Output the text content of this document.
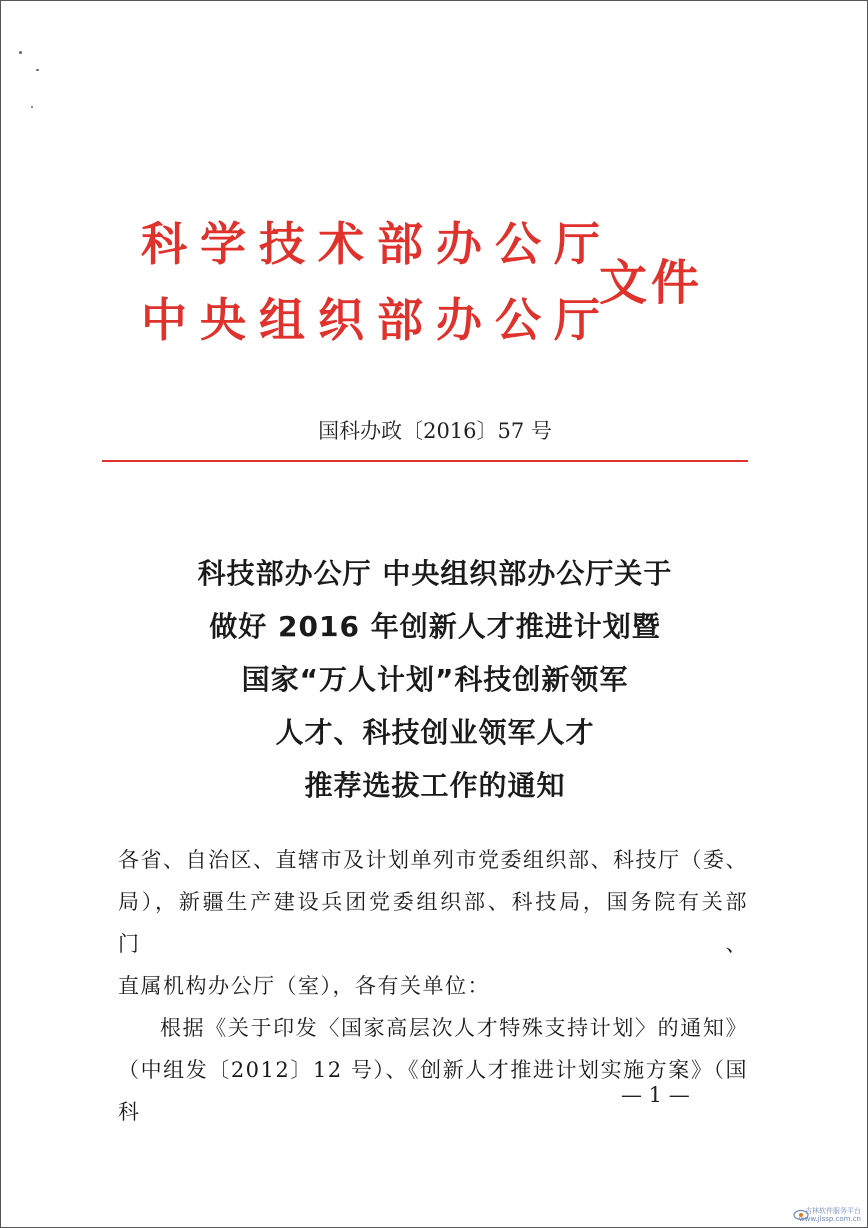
科学技术部办公厅
中央组织部办公厅
文件
国科办政〔2016〕57 号
科技部办公厅 中央组织部办公厅关于
做好 2016 年创新人才推进计划暨
国家“万人计划”科技创新领军
人才、科技创业领军人才
推荐选拔工作的通知

各省、自治区、直辖市及计划单列市党委组织部、科技厅（委、

局），新疆生产建设兵团党委组织部、科技局，国务院有关部门、

直属机构办公厅（室），各有关单位：

根据《关于印发〈国家高层次人才特殊支持计划〉的通知》

（中组发〔2012〕12 号）、《创新人才推进计划实施方案》（国科

— 1 —
吉林软件服务平台
www.jlssp.com.cn
